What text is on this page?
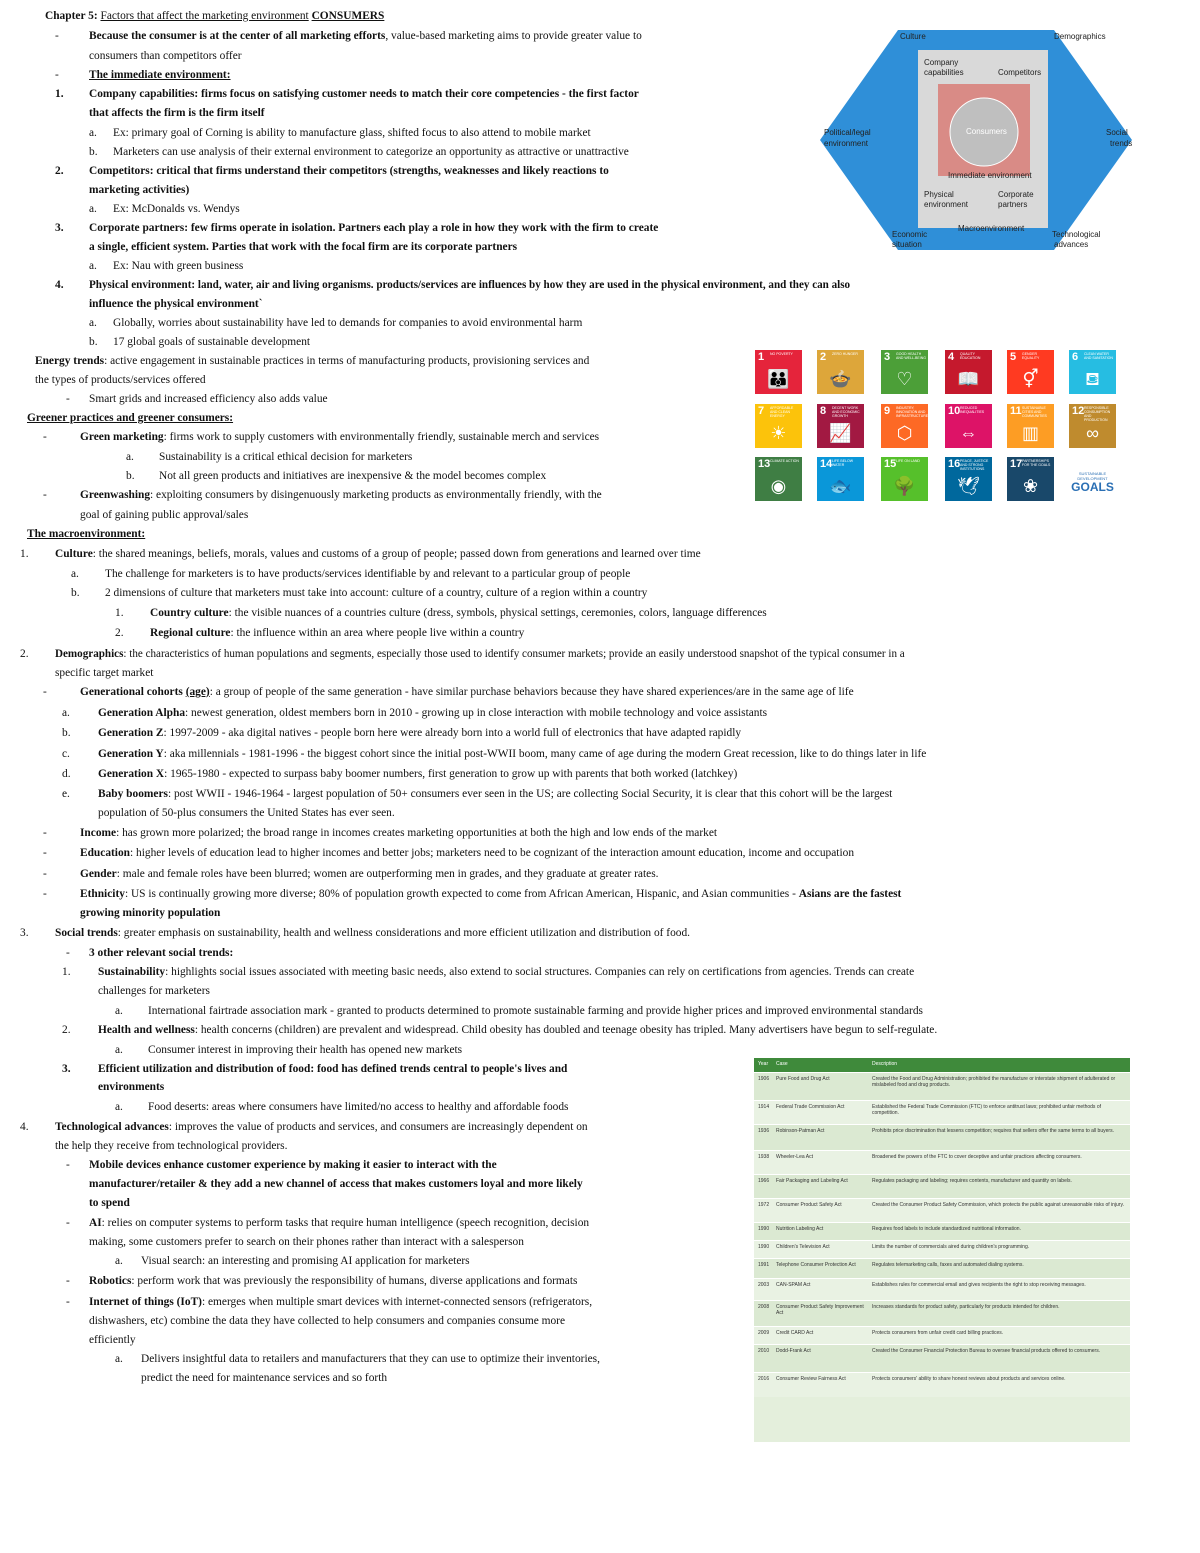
Chapter 5: Factors that affect the marketing environment CONSUMERS
-	Because the consumer is at the center of all marketing efforts, value-based marketing aims to provide greater value to
consumers than competitors offer
-	The immediate environment:
1. Company capabilities: firms focus on satisfying customer needs to match their core competencies - the first factor
that affects the firm is the firm itself
a. Ex: primary goal of Corning is ability to manufacture glass, shifted focus to also attend to mobile market
b. Marketers can use analysis of their external environment to categorize an opportunity as attractive or unattractive
2. Competitors: critical that firms understand their competitors (strengths, weaknesses and likely reactions to
marketing activities)
a. Ex: McDonalds vs. Wendys
3. Corporate partners: few firms operate in isolation. Partners each play a role in how they work with the firm to create
a single, efficient system. Parties that work with the focal firm are its corporate partners
a. Ex: Nau with green business
4. Physical environment: land, water, air and living organisms. products/services are influences by how they are used in the physical environment, and they can also
influence the physical environment`
a. Globally, worries about sustainability have led to demands for companies to avoid environmental harm
b. 17 global goals of sustainable development
Energy trends: active engagement in sustainable practices in terms of manufacturing products, provisioning services and
the types of products/services offered
- Smart grids and increased efficiency also adds value
Greener practices and greener consumers:
-	Green marketing: firms work to supply customers with environmentally friendly, sustainable merch and services
a. Sustainability is a critical ethical decision for marketers
b. Not all green products and initiatives are inexpensive & the model becomes complex
-	Greenwashing: exploiting consumers by disingenuously marketing products as environmentally friendly, with the
goal of gaining public approval/sales
The macroenvironment:
1. Culture: the shared meanings, beliefs, morals, values and customs of a group of people; passed down from generations and learned over time
a. The challenge for marketers is to have products/services identifiable by and relevant to a particular group of people
b. 2 dimensions of culture that marketers must take into account: culture of a country, culture of a region within a country
1. Country culture: the visible nuances of a countries culture (dress, symbols, physical settings, ceremonies, colors, language differences
2. Regional culture: the influence within an area where people live within a country
2. Demographics: the characteristics of human populations and segments, especially those used to identify consumer markets; provide an easily understood snapshot of the typical consumer in a
specific target market
-	Generational cohorts (age): a group of people of the same generation - have similar purchase behaviors because they have shared experiences/are in the same age of life
a. Generation Alpha: newest generation, oldest members born in 2010 - growing up in close interaction with mobile technology and voice assistants
b. Generation Z: 1997-2009 - aka digital natives - people born here were already born into a world full of electronics that have adapted rapidly
c. Generation Y: aka millennials - 1981-1996 - the biggest cohort since the initial post-WWII boom, many came of age during the modern Great recession, like to do things later in life
d. Generation X: 1965-1980 - expected to surpass baby boomer numbers, first generation to grow up with parents that both worked (latchkey)
e. Baby boomers: post WWII - 1946-1964 - largest population of 50+ consumers ever seen in the US; are collecting Social Security, it is clear that this cohort will be the largest
population of 50-plus consumers the United States has ever seen.
-	Income: has grown more polarized; the broad range in incomes creates marketing opportunities at both the high and low ends of the market
-	Education: higher levels of education lead to higher incomes and better jobs; marketers need to be cognizant of the interaction amount education, income and occupation
-	Gender: male and female roles have been blurred; women are outperforming men in grades, and they graduate at greater rates.
-	Ethnicity: US is continually growing more diverse; 80% of population growth expected to come from African American, Hispanic, and Asian communities - Asians are the fastest
growing minority population
3. Social trends: greater emphasis on sustainability, health and wellness considerations and more efficient utilization and distribution of food.
- 3 other relevant social trends:
1. Sustainability: highlights social issues associated with meeting basic needs, also extend to social structures. Companies can rely on certifications from agencies. Trends can create
challenges for marketers
a. International fairtrade association mark - granted to products determined to promote sustainable farming and provide higher prices and improved environmental standards
2. Health and wellness: health concerns (children) are prevalent and widespread. Child obesity has doubled and teenage obesity has tripled. Many advertisers have begun to self-regulate.
a. Consumer interest in improving their health has opened new markets
3. Efficient utilization and distribution of food: food has defined trends central to people's lives and
environments
a. Food deserts: areas where consumers have limited/no access to healthy and affordable foods
4. Technological advances: improves the value of products and services, and consumers are increasingly dependent on
the help they receive from technological providers.
- Mobile devices enhance customer experience by making it easier to interact with the
manufacturer/retailer & they add a new channel of access that makes customers loyal and more likely
to spend
- AI: relies on computer systems to perform tasks that require human intelligence (speech recognition, decision
making, some customers prefer to search on their phones rather than interact with a salesperson
a. Visual search: an interesting and promising AI application for marketers
- Robotics: perform work that was previously the responsibility of humans, diverse applications and formats
- Internet of things (IoT): emerges when multiple smart devices with internet-connected sensors (refrigerators,
dishwashers, etc) combine the data they have collected to help consumers and companies consume more
efficiently
a. Delivers insightful data to retailers and manufacturers that they can use to optimize their inventories,
predict the need for maintenance services and so forth
Culture	Demographics
Company
capabilities	Competitors
Political/legal
environment
Social
trends
Consumers
Immediate environment
Physical
environment
Corporate
partners
Economic
situation
Macroenvironment
Technological
advances
1 NO POVERTY
👪
2 ZERO HUNGER
🍲
3 GOOD HEALTH AND WELL-BEING
♡
4 QUALITY EDUCATION
📖
5 GENDER EQUALITY
⚥
6 CLEAN WATER AND SANITATION
⛾
7 AFFORDABLE AND CLEAN ENERGY
☀
8 DECENT WORK AND ECONOMIC GROWTH
📈
9 INDUSTRY, INNOVATION AND INFRASTRUCTURE
⬡
10 REDUCED INEQUALITIES
⇔
11 SUSTAINABLE CITIES AND COMMUNITIES
▥
12 RESPONSIBLE CONSUMPTION AND PRODUCTION
∞
13 CLIMATE ACTION
◉
14 LIFE BELOW WATER
🐟
15 LIFE ON LAND
🌳
16 PEACE, JUSTICE AND STRONG INSTITUTIONS
🕊
17 PARTNERSHIPS FOR THE GOALS
❀
SUSTAINABLE DEVELOPMENT
GOALS
Year Case	Description
1906	Pure Food and Drug Act	Created the Food and Drug Administration; prohibited the manufacture or interstate shipment of adulterated or mislabeled food and drug products.
1914	Federal Trade Commission Act	Established the Federal Trade Commission (FTC) to enforce antitrust laws; prohibited unfair methods of competition.
1936	Robinson-Patman Act	Prohibits price discrimination that lessens competition; requires that sellers offer the same terms to all buyers.
1938	Wheeler-Lea Act	Broadened the powers of the FTC to cover deceptive and unfair practices affecting consumers.
1966	Fair Packaging and Labeling Act	Regulates packaging and labeling; requires contents, manufacturer and quantity on labels.
1972	Consumer Product Safety Act	Created the Consumer Product Safety Commission, which protects the public against unreasonable risks of injury.
1990	Nutrition Labeling Act	Requires food labels to include standardized nutritional information.
1990	Children's Television Act	Limits the number of commercials aired during children's programming.
1991	Telephone Consumer Protection Act	Regulates telemarketing calls, faxes and automated dialing systems.
2003	CAN-SPAM Act	Establishes rules for commercial email and gives recipients the right to stop receiving messages.
2008	Consumer Product Safety Improvement Act
Increases standards for product safety, particularly for products intended for children.
2009	Credit CARD Act	Protects consumers from unfair credit card billing practices.
2010	Dodd-Frank Act	Created the Consumer Financial Protection Bureau to oversee financial products offered to consumers.
2016	Consumer Review Fairness Act	Protects consumers' ability to share honest reviews about products and services online.
